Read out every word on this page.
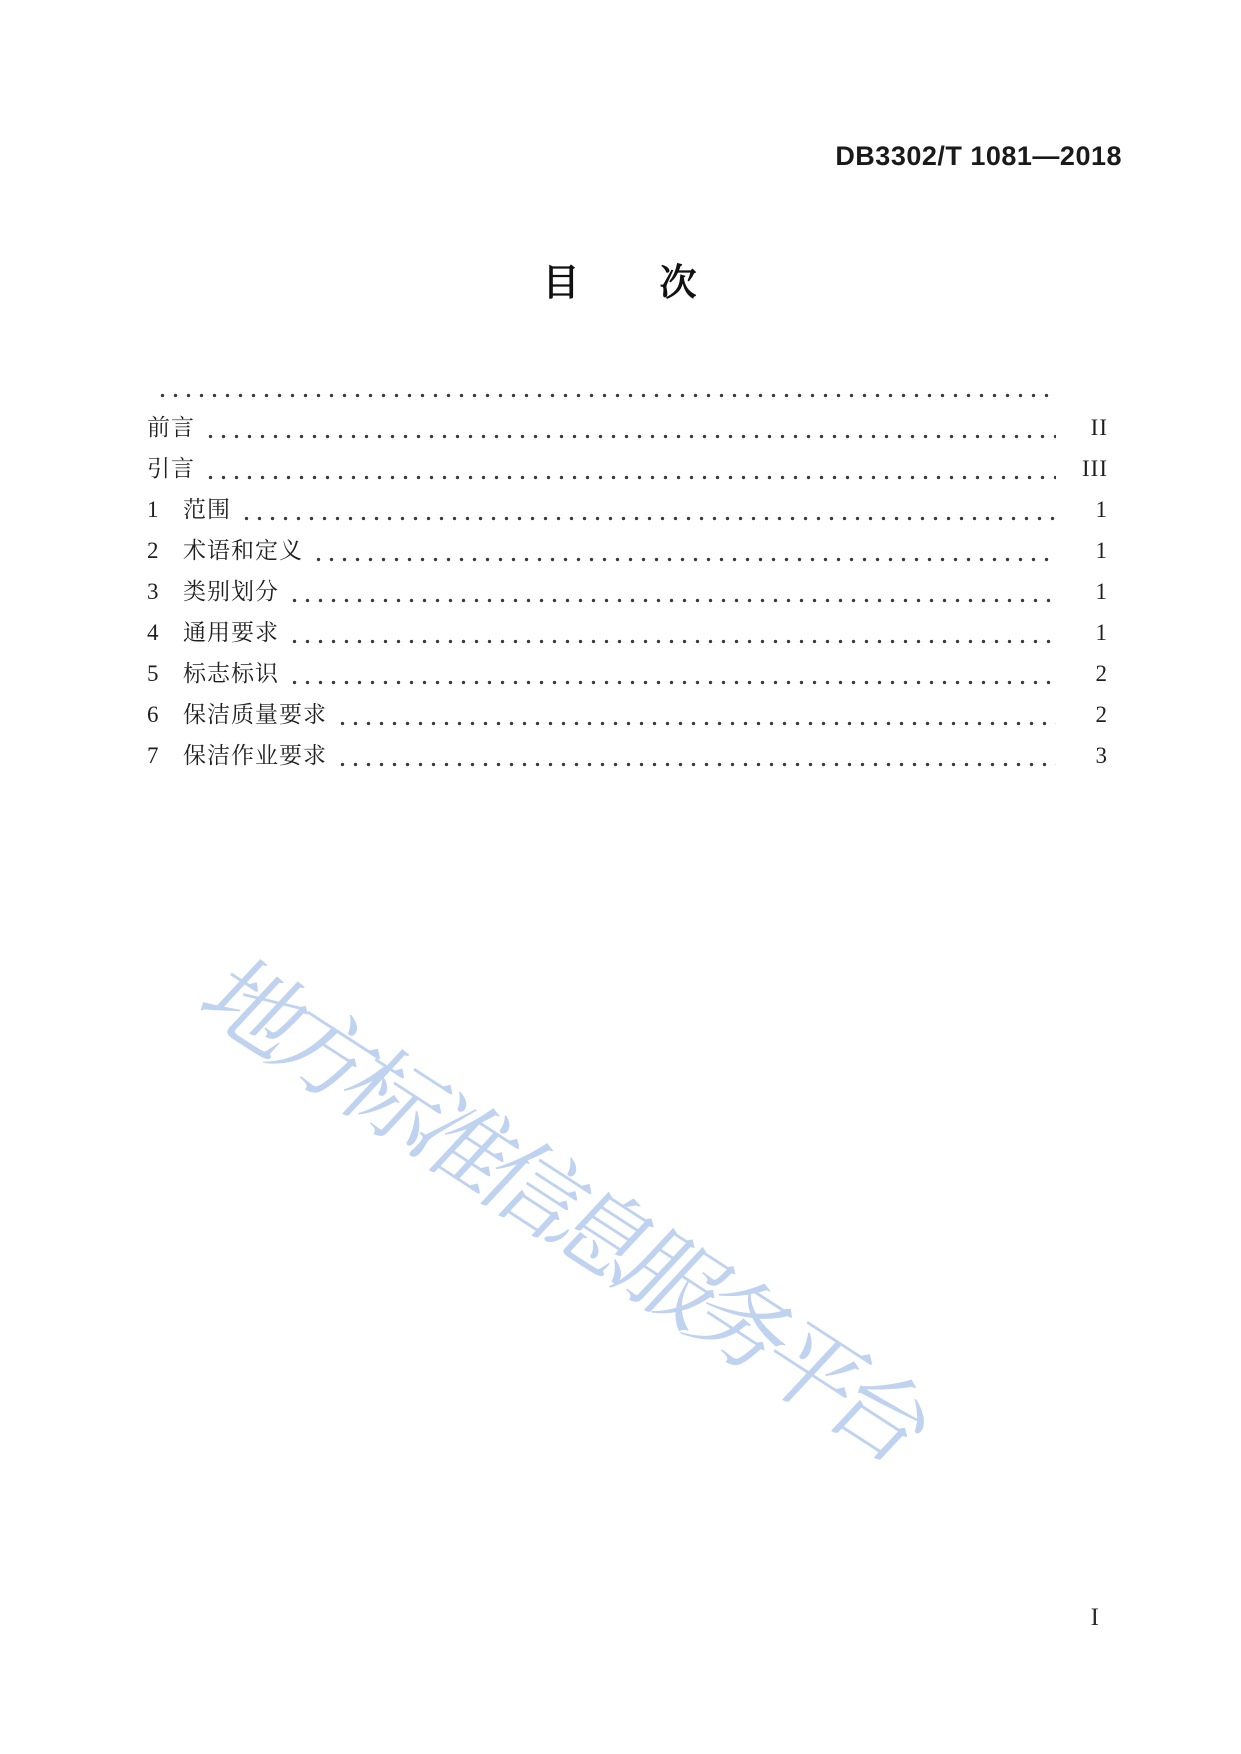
DB3302/T 1081—2018
目　　次
前言	II
引言	III
1	范围	1
2	术语和定义	1
3	类别划分	1
4	通用要求	1
5	标志标识	2
6	保洁质量要求	2
7	保洁作业要求	3
地方标准信息服务平台
I
